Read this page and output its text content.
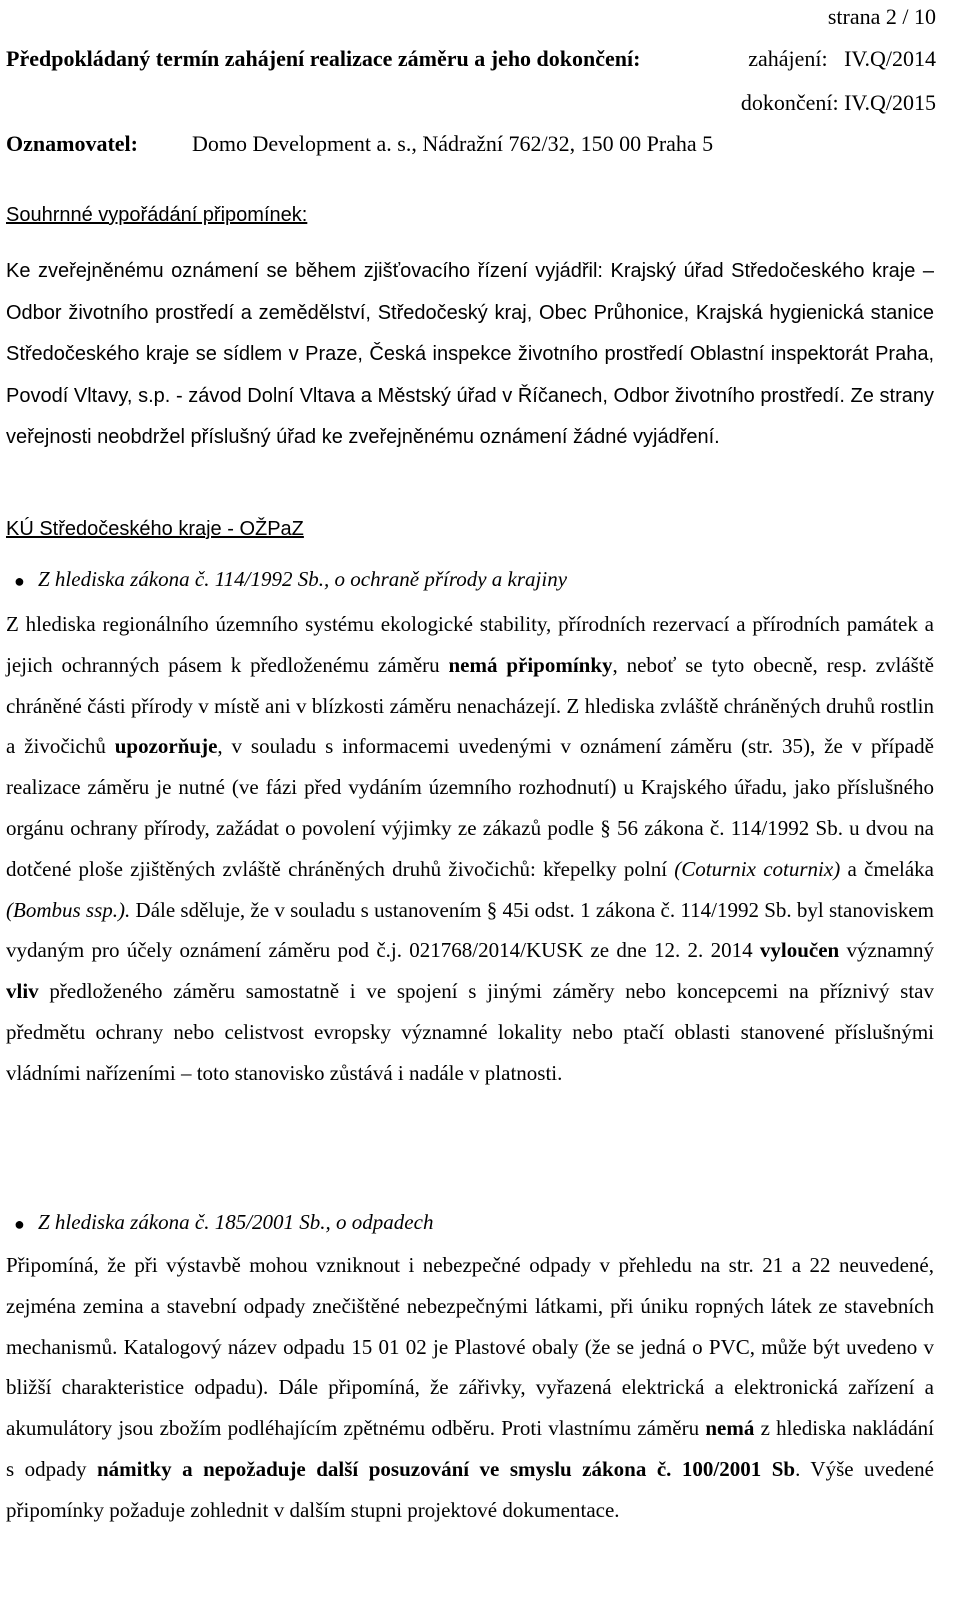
strana 2 / 10
Předpokládaný termín zahájení realizace záměru a jeho dokončení:	zahájení: IV.Q/2014
dokončení: IV.Q/2015
Oznamovatel: Domo Development a. s., Nádražní 762/32, 150 00 Praha 5
Souhrnné vypořádání připomínek:
Ke zveřejněnému oznámení se během zjišťovacího řízení vyjádřil: Krajský úřad Středočeského kraje – Odbor životního prostředí a zemědělství, Středočeský kraj, Obec Průhonice, Krajská hygienická stanice Středočeského kraje se sídlem v Praze, Česká inspekce životního prostředí Oblastní inspektorát Praha, Povodí Vltavy, s.p. - závod Dolní Vltava a Městský úřad v Říčanech, Odbor životního prostředí. Ze strany veřejnosti neobdržel příslušný úřad ke zveřejněnému oznámení žádné vyjádření.
KÚ Středočeského kraje - OŽPaZ
● Z hlediska zákona č. 114/1992 Sb., o ochraně přírody a krajiny
Z hlediska regionálního územního systému ekologické stability, přírodních rezervací a přírodních památek a jejich ochranných pásem k předloženému záměru nemá připomínky, neboť se tyto obecně, resp. zvláště chráněné části přírody v místě ani v blízkosti záměru nenacházejí. Z hlediska zvláště chráněných druhů rostlin a živočichů upozorňuje, v souladu s informacemi uvedenými v oznámení záměru (str. 35), že v případě realizace záměru je nutné (ve fázi před vydáním územního rozhodnutí) u Krajského úřadu, jako příslušného orgánu ochrany přírody, zažádat o povolení výjimky ze zákazů podle § 56 zákona č. 114/1992 Sb. u dvou na dotčené ploše zjištěných zvláště chráněných druhů živočichů: křepelky polní (Coturnix coturnix) a čmeláka (Bombus ssp.). Dále sděluje, že v souladu s ustanovením § 45i odst. 1 zákona č. 114/1992 Sb. byl stanoviskem vydaným pro účely oznámení záměru pod č.j. 021768/2014/KUSK ze dne 12. 2. 2014 vyloučen významný vliv předloženého záměru samostatně i ve spojení s jinými záměry nebo koncepcemi na příznivý stav předmětu ochrany nebo celistvost evropsky významné lokality nebo ptačí oblasti stanovené příslušnými vládními nařízeními – toto stanovisko zůstává i nadále v platnosti.
● Z hlediska zákona č. 185/2001 Sb., o odpadech
Připomíná, že při výstavbě mohou vzniknout i nebezpečné odpady v přehledu na str. 21 a 22 neuvedené, zejména zemina a stavební odpady znečištěné nebezpečnými látkami, při úniku ropných látek ze stavebních mechanismů. Katalogový název odpadu 15 01 02 je Plastové obaly (že se jedná o PVC, může být uvedeno v bližší charakteristice odpadu). Dále připomíná, že zářivky, vyřazená elektrická a elektronická zařízení a akumulátory jsou zbožím podléhajícím zpětnému odběru. Proti vlastnímu záměru nemá z hlediska nakládání s odpady námitky a nepožaduje další posuzování ve smyslu zákona č. 100/2001 Sb. Výše uvedené připomínky požaduje zohlednit v dalším stupni projektové dokumentace.
